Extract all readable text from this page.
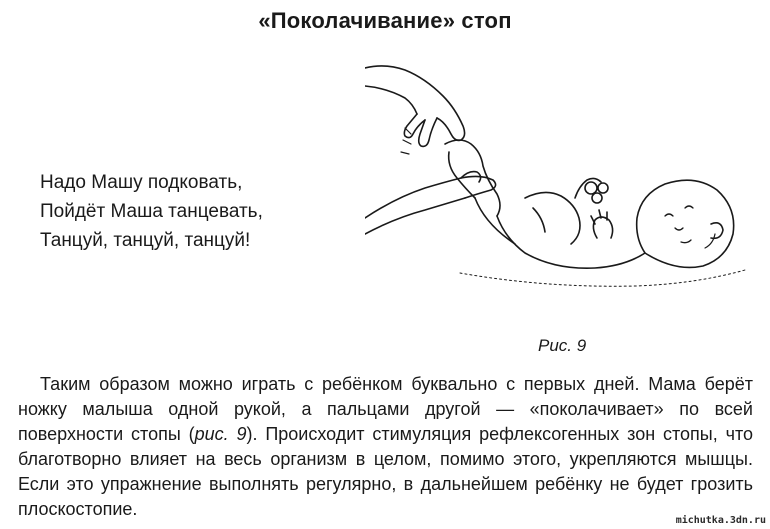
«Поколачивание» стоп
Надо Машу подковать,
Пойдёт Маша танцевать,
Танцуй, танцуй, танцуй!
Рис. 9

Таким образом можно играть с ребёнком буквально с первых дней. Мама берёт ножку малыша одной рукой, а пальцами другой — «поколачивает» по всей поверхности стопы (рис. 9). Происходит стимуляция рефлексогенных зон стопы, что благотворно влияет на весь организм в целом, помимо этого, укрепляются мышцы. Если это упражнение выполнять регулярно, в дальнейшем ребёнку не будет грозить плоскостопие.

michutka.3dn.ru
